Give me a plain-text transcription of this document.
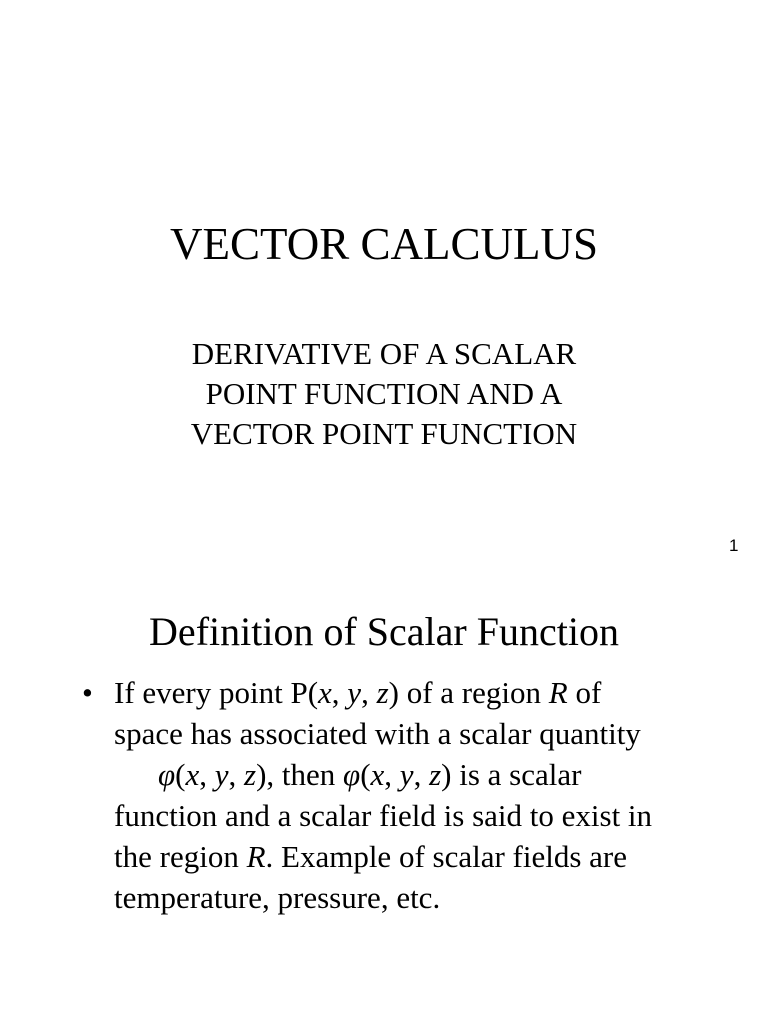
VECTOR CALCULUS
DERIVATIVE OF A SCALAR
POINT FUNCTION AND A
VECTOR POINT FUNCTION
1
Definition of Scalar Function
• If every point P(x, y, z) of a region R of
space has associated with a scalar quantity
φ(x, y, z), then φ(x, y, z) is a scalar
function and a scalar field is said to exist in
the region R. Example of scalar fields are
temperature, pressure, etc.
